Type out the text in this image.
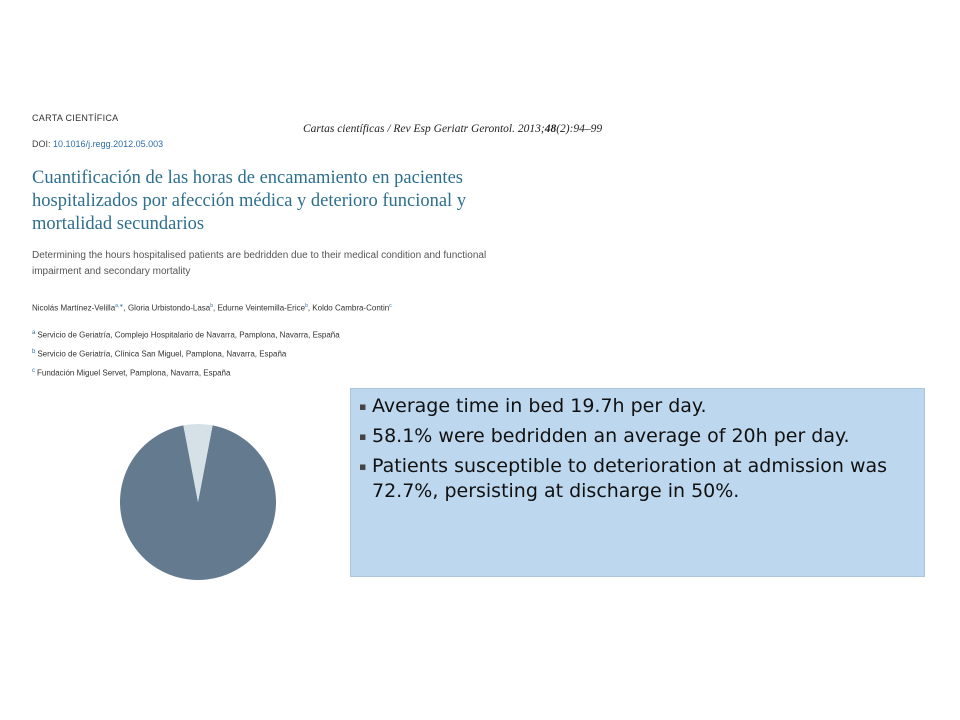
CARTA CIENTÍFICA
DOI: 10.1016/j.regg.2012.05.003
Cartas científicas / Rev Esp Geriatr Gerontol. 2013;48(2):94–99
Cuantificación de las horas de encamamiento en pacientes
hospitalizados por afección médica y deterioro funcional y
mortalidad secundarios
Determining the hours hospitalised patients are bedridden due to their medical condition and functional
impairment and secondary mortality
Nicolás Martínez-Velilla$^{a,∗}$, Gloria Urbistondo-Lasa$^b$, Edurne Veintemilla-Erice$^b$, Koldo Cambra-Contin$^c$
$^a$ Servicio de Geriatría, Complejo Hospitalario de Navarra, Pamplona, Navarra, España
$^b$ Servicio de Geriatría, Clínica San Miguel, Pamplona, Navarra, España
$^c$ Fundación Miguel Servet, Pamplona, Navarra, España
▪ Average time in bed 19.7h per day.
▪ 58.1% were bedridden an average of 20h per day.
▪ Patients susceptible to deterioration at admission was 72.7%, persisting at discharge in 50%.
